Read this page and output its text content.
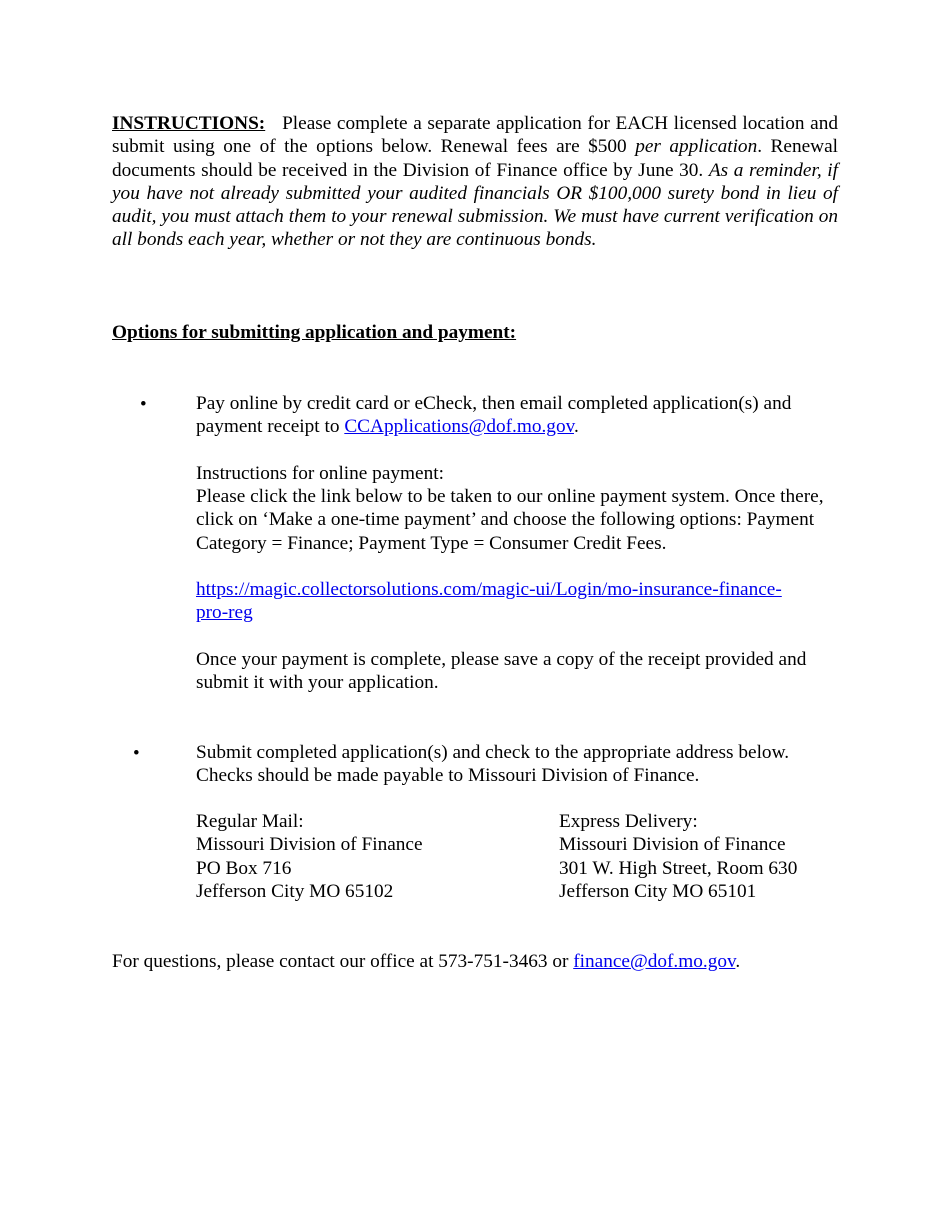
INSTRUCTIONS: Please complete a separate application for EACH licensed location and submit using one of the options below. Renewal fees are $500 per application. Renewal documents should be received in the Division of Finance office by June 30. As a reminder, if you have not already submitted your audited financials OR $100,000 surety bond in lieu of audit, you must attach them to your renewal submission. We must have current verification on all bonds each year, whether or not they are continuous bonds.

Options for submitting application and payment:

•	Pay online by credit card or eCheck, then email completed application(s) and payment receipt to CCApplications@dof.mo.gov.

Instructions for online payment:

Please click the link below to be taken to our online payment system. Once there, click on ‘Make a one-time payment’ and choose the following options: Payment Category = Finance; Payment Type = Consumer Credit Fees.

https://magic.collectorsolutions.com/magic-ui/Login/mo-insurance-finance-
pro-reg

Once your payment is complete, please save a copy of the receipt provided and submit it with your application.

•	Submit completed application(s) and check to the appropriate address below. Checks should be made payable to Missouri Division of Finance.

Regular Mail:
Missouri Division of Finance
PO Box 716
Jefferson City MO 65102
Express Delivery:
Missouri Division of Finance
301 W. High Street, Room 630
Jefferson City MO 65101

For questions, please contact our office at 573-751-3463 or finance@dof.mo.gov.
